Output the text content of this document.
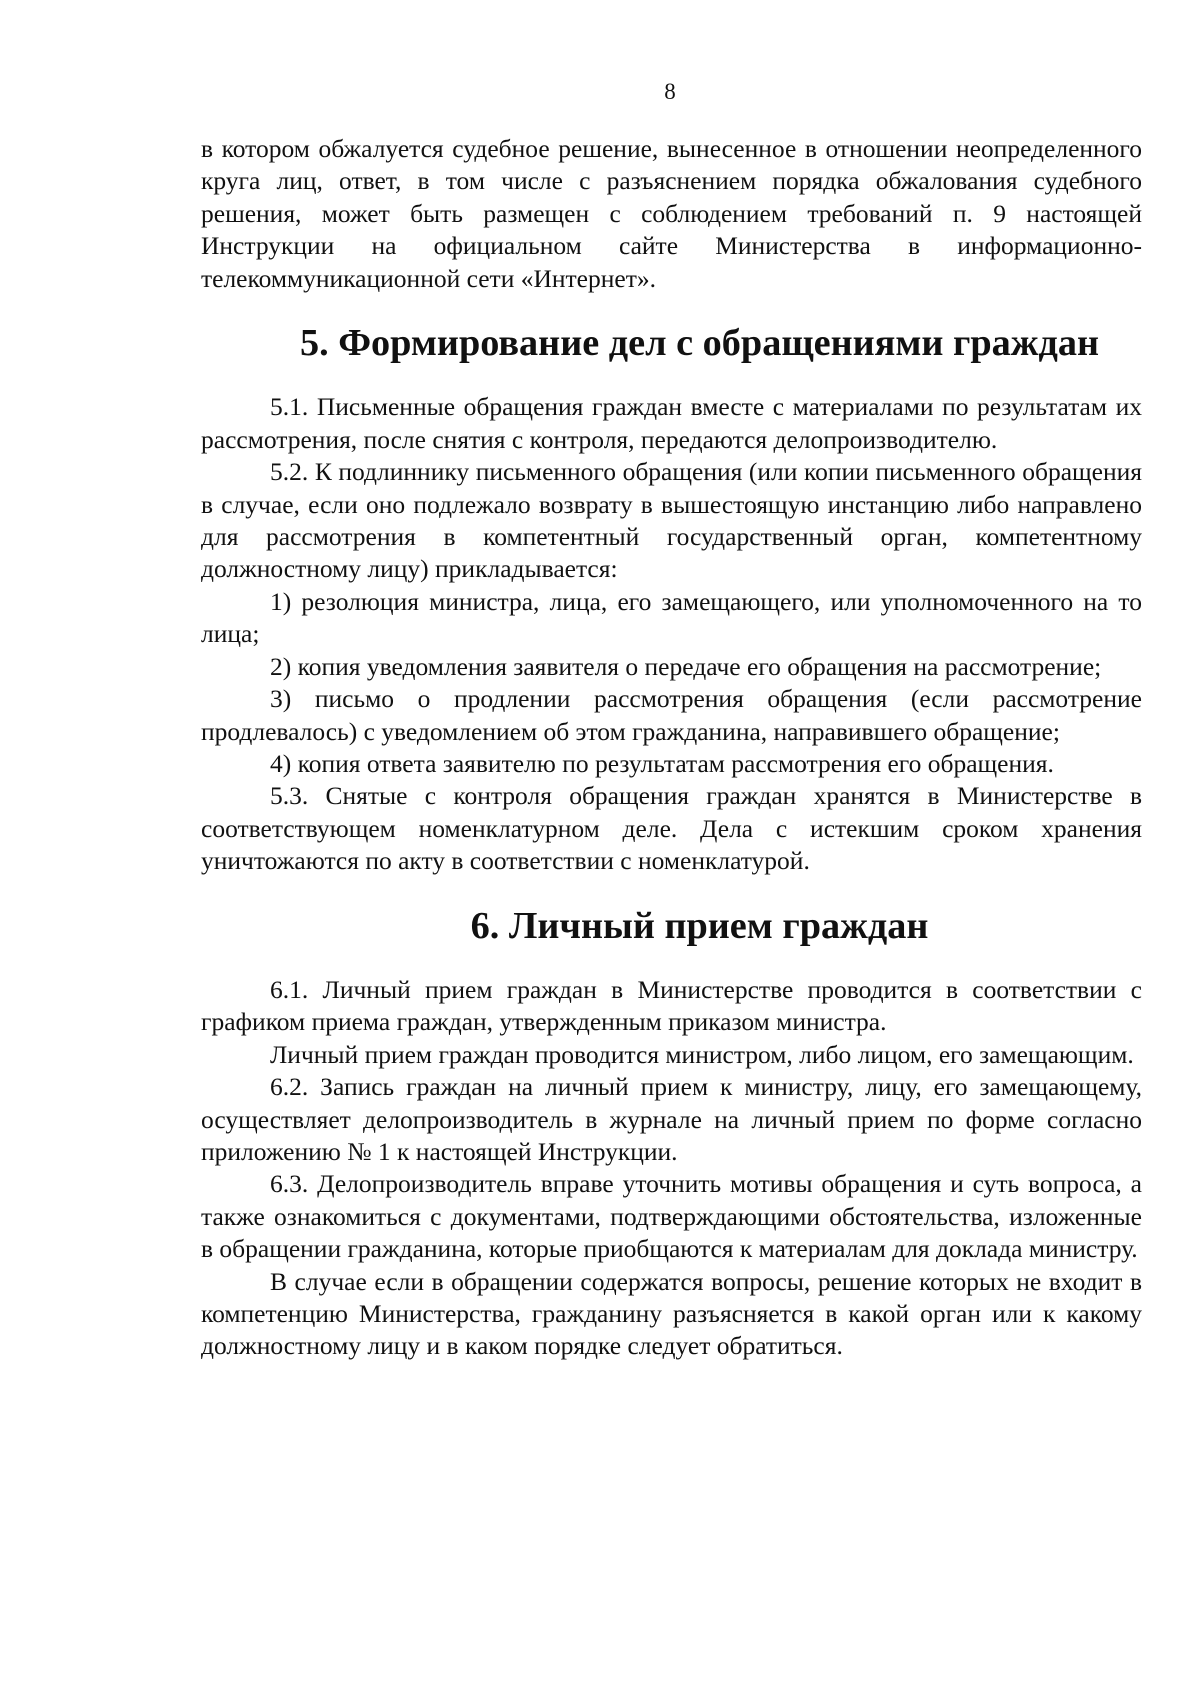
8

в котором обжалуется судебное решение, вынесенное в отношении неопределенного круга лиц, ответ, в том числе с разъяснением порядка обжалования судебного решения, может быть размещен с соблюдением требований п. 9 настоящей Инструкции на официальном сайте Министерства в информационно-телекоммуникационной сети «Интернет».

5. Формирование дел с обращениями граждан

5.1. Письменные обращения граждан вместе с материалами по результатам их рассмотрения, после снятия с контроля, передаются делопроизводителю.

5.2. К подлиннику письменного обращения (или копии письменного обращения в случае, если оно подлежало возврату в вышестоящую инстанцию либо направлено для рассмотрения в компетентный государственный орган, компетентному должностному лицу) прикладывается:

1) резолюция министра, лица, его замещающего, или уполномоченного на то лица;

2) копия уведомления заявителя о передаче его обращения на рассмотрение;

3) письмо о продлении рассмотрения обращения (если рассмотрение продлевалось) с уведомлением об этом гражданина, направившего обращение;

4) копия ответа заявителю по результатам рассмотрения его обращения.

5.3. Снятые с контроля обращения граждан хранятся в Министерстве в соответствующем номенклатурном деле. Дела с истекшим сроком хранения уничтожаются по акту в соответствии с номенклатурой.

6. Личный прием граждан

6.1. Личный прием граждан в Министерстве проводится в соответствии с графиком приема граждан, утвержденным приказом министра.

Личный прием граждан проводится министром, либо лицом, его замещающим.

6.2. Запись граждан на личный прием к министру, лицу, его замещающему, осуществляет делопроизводитель в журнале на личный прием по форме согласно приложению № 1 к настоящей Инструкции.

6.3. Делопроизводитель вправе уточнить мотивы обращения и суть вопроса, а также ознакомиться с документами, подтверждающими обстоятельства, изложенные в обращении гражданина, которые приобщаются к материалам для доклада министру.

В случае если в обращении содержатся вопросы, решение которых не входит в компетенцию Министерства, гражданину разъясняется в какой орган или к какому должностному лицу и в каком порядке следует обратиться.
